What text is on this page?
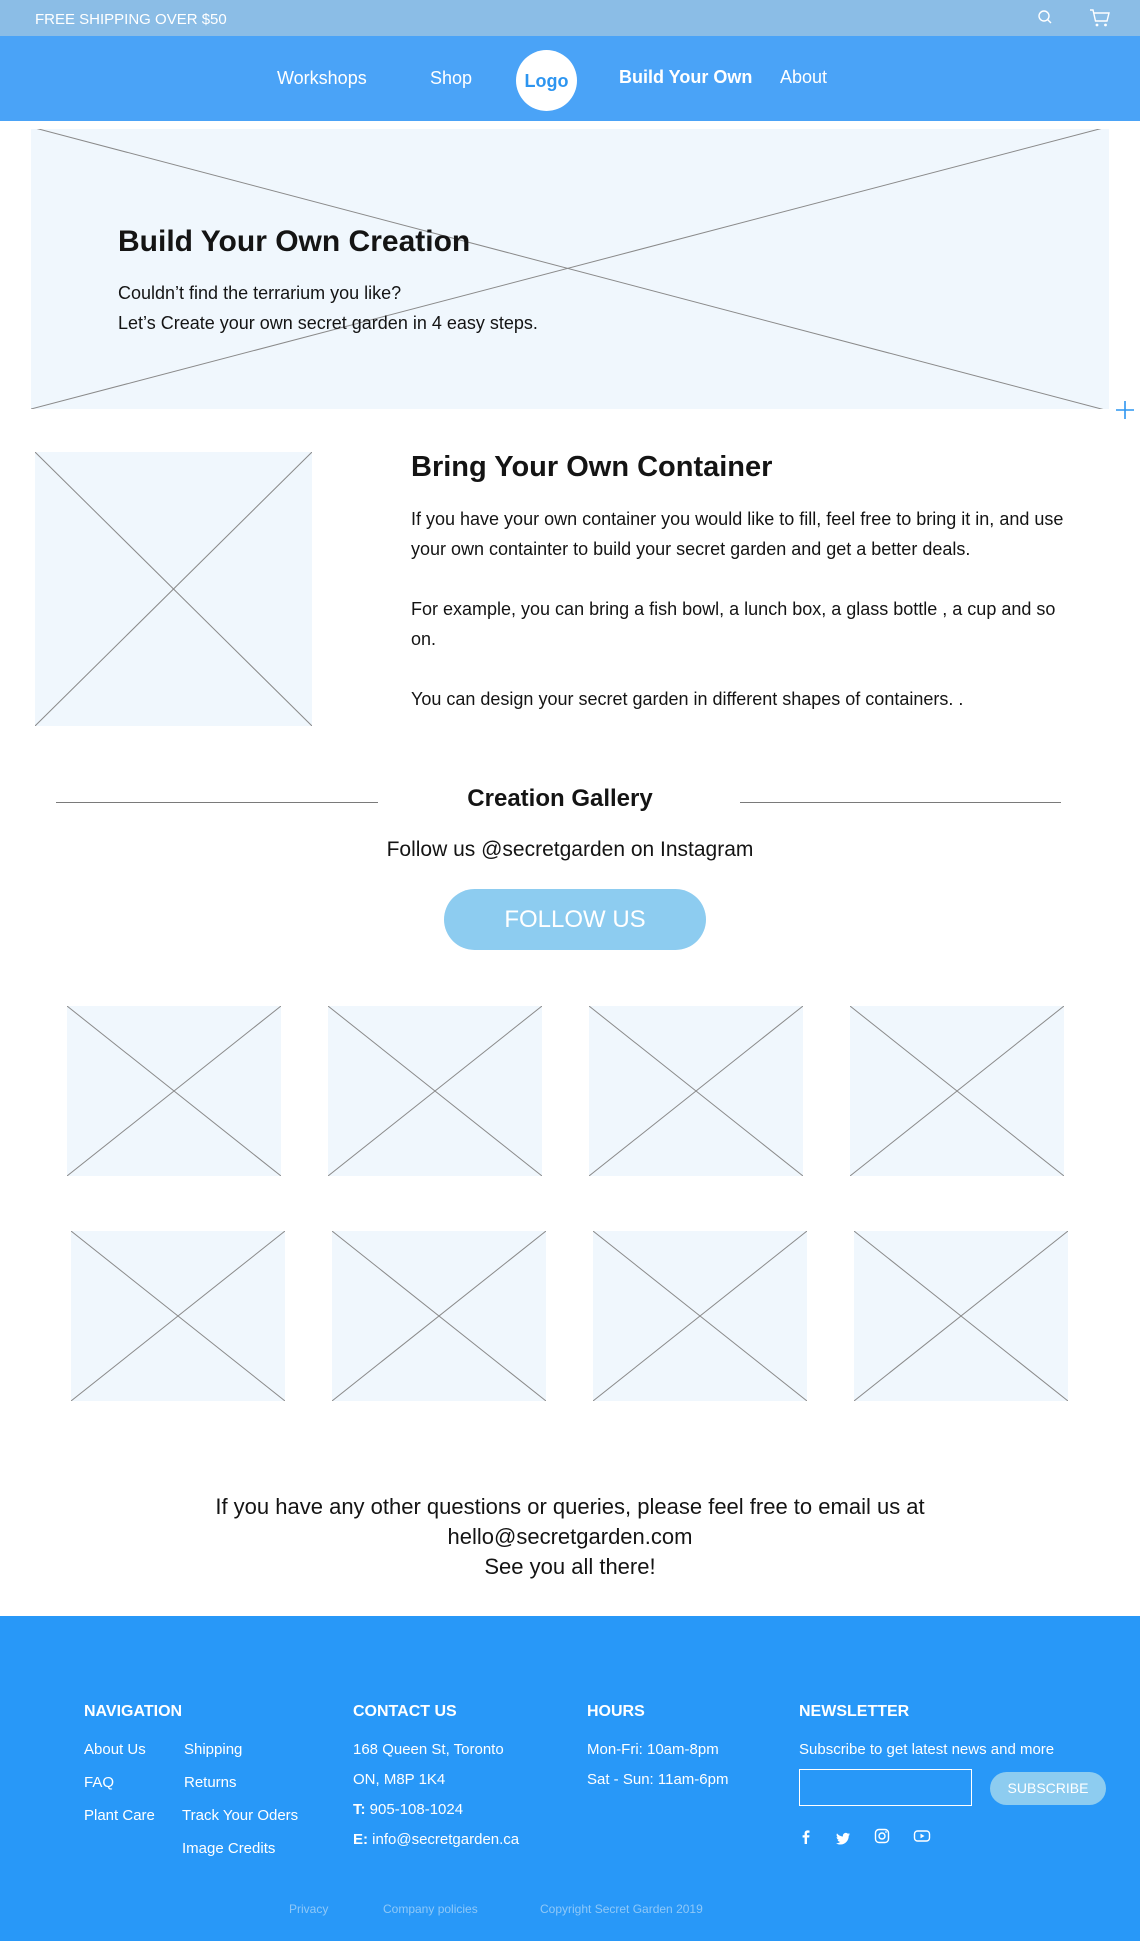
FREE SHIPPING OVER $50
Workshops	Shop	Logo	Build Your Own About
Build Your Own Creation

Couldn’t find the terrarium you like?

Let’s Create your own secret garden in 4 easy steps.

Bring Your Own Container

If you have your own container you would like to fill, feel free to bring it in, and use your own containter to build your secret garden and get a better deals.

For example, you can bring a fish bowl, a lunch box, a glass bottle , a cup and so on.

You can design your secret garden in different shapes of containers. .

Creation Gallery

Follow us @secretgarden on Instagram

FOLLOW US

If you have any other questions or queries, please feel free to email us at

hello@secretgarden.com

See you all there!

NAVIGATION
About Us
FAQ
Plant Care
Shipping
Returns
Track Your Oders
Image Credits
CONTACT US
168 Queen St, Toronto
ON, M8P 1K4
T: 905-108-1024
E: info@secretgarden.ca
HOURS
Mon-Fri: 10am-8pm
Sat - Sun: 11am-6pm
NEWSLETTER
Subscribe to get latest news and more
SUBSCRIBE
Privacy	Company policies	Copyright Secret Garden 2019
